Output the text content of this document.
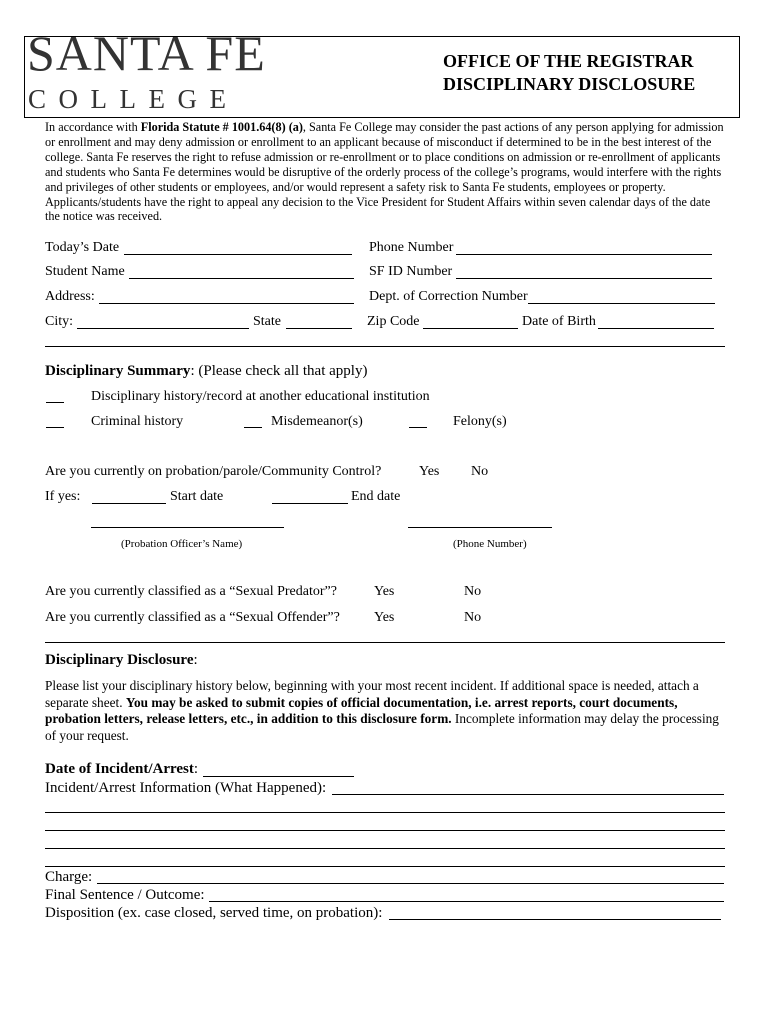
SANTA FE
COLLEGE
OFFICE OF THE REGISTRAR
DISCIPLINARY DISCLOSURE
In accordance with Florida Statute # 1001.64(8) (a), Santa Fe College may consider the past actions of any person applying for admission or enrollment and may deny admission or enrollment to an applicant because of misconduct if determined to be in the best interest of the college. Santa Fe reserves the right to refuse admission or re-enrollment or to place conditions on admission or re-enrollment of applicants and students who Santa Fe determines would be disruptive of the orderly process of the college’s programs, would interfere with the rights and privileges of other students or employees, and/or would represent a safety risk to Santa Fe students, employees or property. Applicants/students have the right to appeal any decision to the Vice President for Student Affairs within seven calendar days of the date the notice was received.
Today’s Date	Phone Number
Student Name	SF ID Number
Address:	Dept. of Correction Number
City:	State	Zip Code	Date of Birth
Disciplinary Summary: (Please check all that apply)
Disciplinary history/record at another educational institution
Criminal history	Misdemeanor(s)	Felony(s)
Are you currently on probation/parole/Community Control?	Yes No
If yes:	Start date	End date
(Probation Officer’s Name)	(Phone Number)
Are you currently classified as a “Sexual Predator”?	Yes	No
Are you currently classified as a “Sexual Offender”? Yes	No
Disciplinary Disclosure:
Please list your disciplinary history below, beginning with your most recent incident. If additional space is needed, attach a separate sheet. You may be asked to submit copies of official documentation, i.e. arrest reports, court documents, probation letters, release letters, etc., in addition to this disclosure form. Incomplete information may delay the processing of your request.
Date of Incident/Arrest:
Incident/Arrest Information (What Happened):
Charge:
Final Sentence / Outcome:
Disposition (ex. case closed, served time, on probation):
